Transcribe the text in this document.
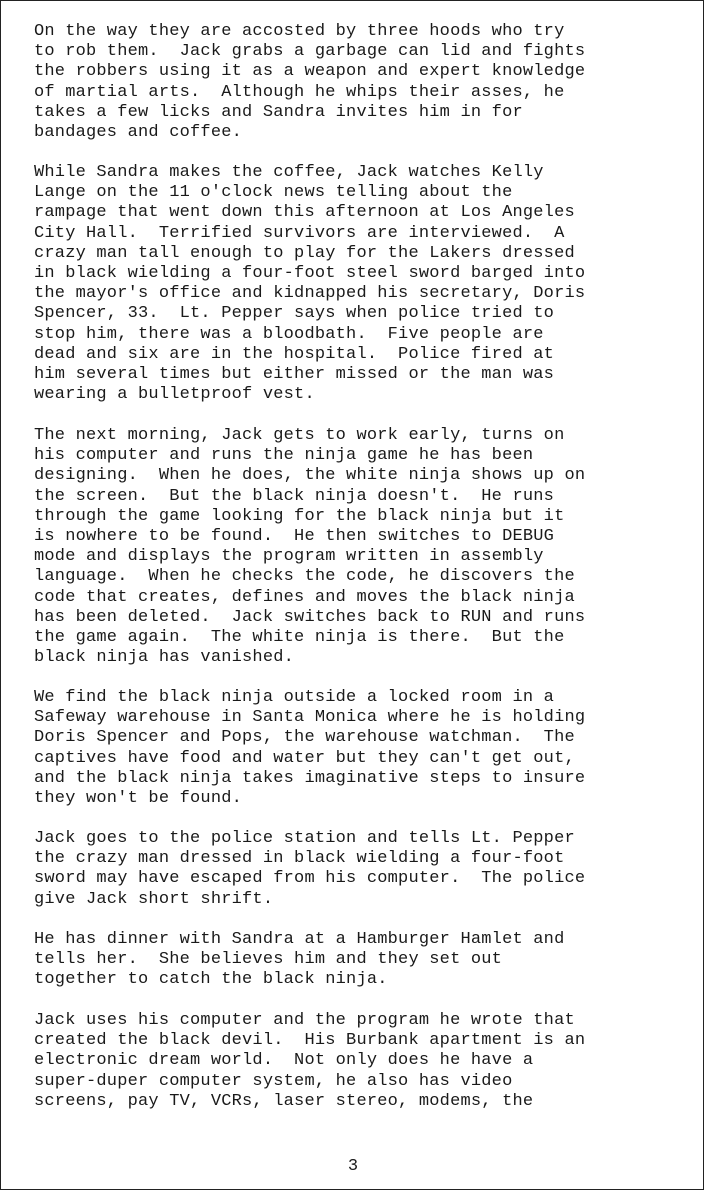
On the way they are accosted by three hoods who try
to rob them.  Jack grabs a garbage can lid and fights
the robbers using it as a weapon and expert knowledge
of martial arts.  Although he whips their asses, he
takes a few licks and Sandra invites him in for
bandages and coffee.

While Sandra makes the coffee, Jack watches Kelly
Lange on the 11 o'clock news telling about the
rampage that went down this afternoon at Los Angeles
City Hall.  Terrified survivors are interviewed.  A
crazy man tall enough to play for the Lakers dressed
in black wielding a four-foot steel sword barged into
the mayor's office and kidnapped his secretary, Doris
Spencer, 33.  Lt. Pepper says when police tried to
stop him, there was a bloodbath.  Five people are
dead and six are in the hospital.  Police fired at
him several times but either missed or the man was
wearing a bulletproof vest.

The next morning, Jack gets to work early, turns on
his computer and runs the ninja game he has been
designing.  When he does, the white ninja shows up on
the screen.  But the black ninja doesn't.  He runs
through the game looking for the black ninja but it
is nowhere to be found.  He then switches to DEBUG
mode and displays the program written in assembly
language.  When he checks the code, he discovers the
code that creates, defines and moves the black ninja
has been deleted.  Jack switches back to RUN and runs
the game again.  The white ninja is there.  But the
black ninja has vanished.

We find the black ninja outside a locked room in a
Safeway warehouse in Santa Monica where he is holding
Doris Spencer and Pops, the warehouse watchman.  The
captives have food and water but they can't get out,
and the black ninja takes imaginative steps to insure
they won't be found.

Jack goes to the police station and tells Lt. Pepper
the crazy man dressed in black wielding a four-foot
sword may have escaped from his computer.  The police
give Jack short shrift.

He has dinner with Sandra at a Hamburger Hamlet and
tells her.  She believes him and they set out
together to catch the black ninja.

Jack uses his computer and the program he wrote that
created the black devil.  His Burbank apartment is an
electronic dream world.  Not only does he have a
super-duper computer system, he also has video
screens, pay TV, VCRs, laser stereo, modems, the

3
